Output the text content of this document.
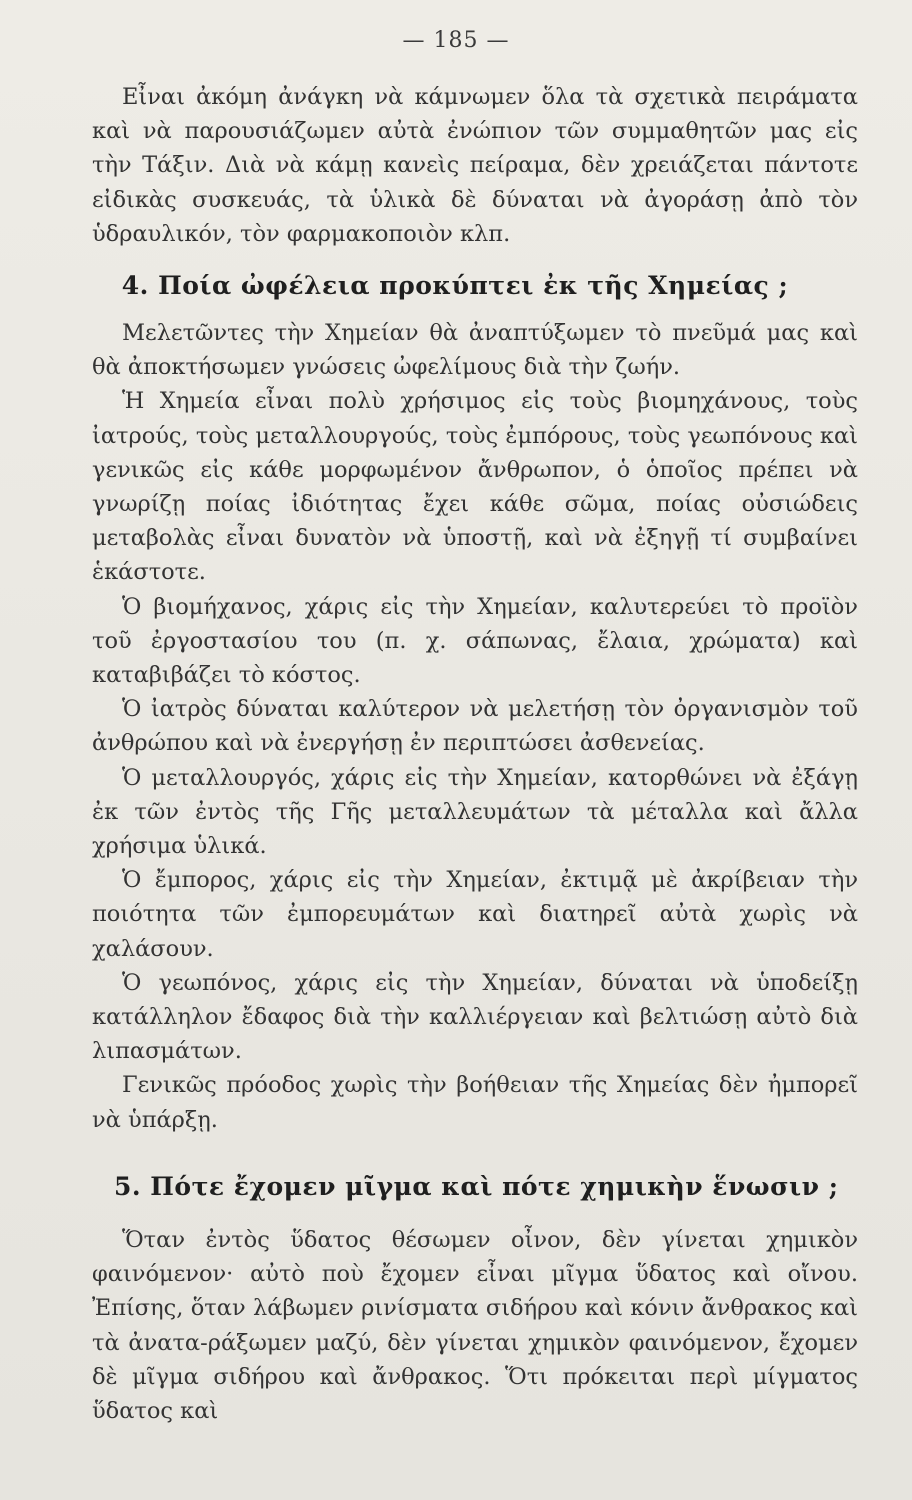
— 185 —

Εἶναι ἀκόμη ἀνάγκη νὰ κάμνωμεν ὅλα τὰ σχετικὰ πειράματα καὶ νὰ παρουσιάζωμεν αὐτὰ ἐνώπιον τῶν συμμαθητῶν μας εἰς τὴν Τάξιν. Διὰ νὰ κάμῃ κανεὶς πείραμα, δὲν χρειάζεται πάντοτε εἰδικὰς συσκευάς, τὰ ὑλικὰ δὲ δύναται νὰ ἀγοράσῃ ἀπὸ τὸν ὑδραυλικόν, τὸν φαρμακοποιὸν κλπ.

4. Ποία ὠφέλεια προκύπτει ἐκ τῆς Χημείας ;

Μελετῶντες τὴν Χημείαν θὰ ἀναπτύξωμεν τὸ πνεῦμά μας καὶ θὰ ἀποκτήσωμεν γνώσεις ὠφελίμους διὰ τὴν ζωήν.

Ἡ Χημεία εἶναι πολὺ χρήσιμος εἰς τοὺς βιομηχάνους, τοὺς ἰατρούς, τοὺς μεταλλουργούς, τοὺς ἐμπόρους, τοὺς γεωπόνους καὶ γενικῶς εἰς κάθε μορφωμένον ἄνθρωπον, ὁ ὁποῖος πρέπει νὰ γνωρίζῃ ποίας ἰδιότητας ἔχει κάθε σῶμα, ποίας οὐσιώδεις μεταβολὰς εἶναι δυνατὸν νὰ ὑποστῇ, καὶ νὰ ἐξηγῇ τί συμβαίνει ἑκάστοτε.

Ὁ βιομήχανος, χάρις εἰς τὴν Χημείαν, καλυτερεύει τὸ προϊὸν τοῦ ἐργοστασίου του (π. χ. σάπωνας, ἔλαια, χρώματα) καὶ καταβιβάζει τὸ κόστος.

Ὁ ἰατρὸς δύναται καλύτερον νὰ μελετήσῃ τὸν ὀργανισμὸν τοῦ ἀνθρώπου καὶ νὰ ἐνεργήσῃ ἐν περιπτώσει ἀσθενείας.

Ὁ μεταλλουργός, χάρις εἰς τὴν Χημείαν, κατορθώνει νὰ ἐξάγῃ ἐκ τῶν ἐντὸς τῆς Γῆς μεταλλευμάτων τὰ μέταλλα καὶ ἄλλα χρήσιμα ὑλικά.

Ὁ ἔμπορος, χάρις εἰς τὴν Χημείαν, ἐκτιμᾷ μὲ ἀκρίβειαν τὴν ποιότητα τῶν ἐμπορευμάτων καὶ διατηρεῖ αὐτὰ χωρὶς νὰ χαλάσουν.

Ὁ γεωπόνος, χάρις εἰς τὴν Χημείαν, δύναται νὰ ὑποδείξῃ κατάλληλον ἔδαφος διὰ τὴν καλλιέργειαν καὶ βελτιώσῃ αὐτὸ διὰ λιπασμάτων.

Γενικῶς πρόοδος χωρὶς τὴν βοήθειαν τῆς Χημείας δὲν ἠμπορεῖ νὰ ὑπάρξῃ.

5. Πότε ἔχομεν μῖγμα καὶ πότε χημικὴν ἕνωσιν ;

Ὅταν ἐντὸς ὕδατος θέσωμεν οἶνον, δὲν γίνεται χημικὸν φαινόμενον· αὐτὸ ποὺ ἔχομεν εἶναι μῖγμα ὕδατος καὶ οἴνου. Ἐπίσης, ὅταν λάβωμεν ρινίσματα σιδήρου καὶ κόνιν ἄνθρακος καὶ τὰ ἀνατα-ράξωμεν μαζύ, δὲν γίνεται χημικὸν φαινόμενον, ἔχομεν δὲ μῖγμα σιδήρου καὶ ἄνθρακος. Ὅτι πρόκειται περὶ μίγματος ὕδατος καὶ
